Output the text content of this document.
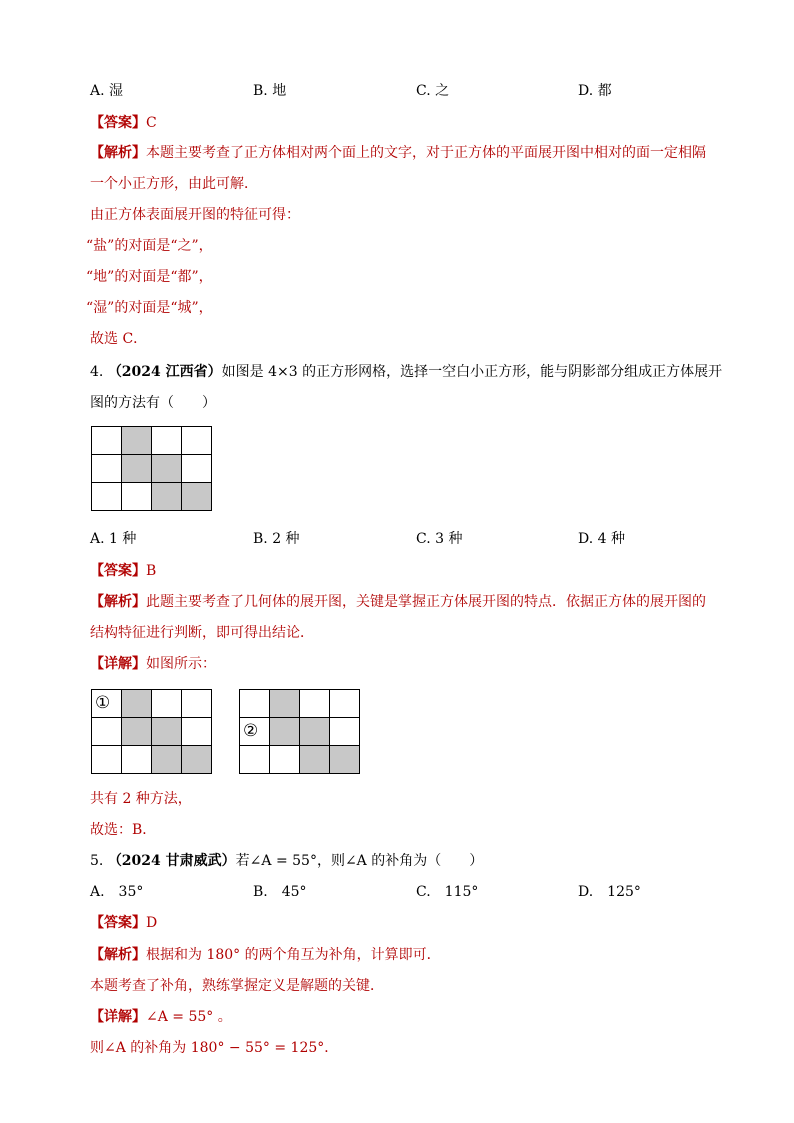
A. 湿	B. 地	C. 之	D. 都
【答案】C
【解析】本题主要考查了正方体相对两个面上的文字，对于正方体的平面展开图中相对的面一定相隔
一个小正方形，由此可解．
由正方体表面展开图的特征可得：
“盐”的对面是“之”，
“地”的对面是“都”，
“湿”的对面是“城”，
故选 C．
4. （2024 江西省）如图是 4×3 的正方形网格，选择一空白小正方形，能与阴影部分组成正方体展开
图的方法有（　　）

A. 1 种	B. 2 种	C. 3 种	D. 4 种
【答案】B
【解析】此题主要考查了几何体的展开图，关键是掌握正方体展开图的特点．依据正方体的展开图的
结构特征进行判断，即可得出结论．
【详解】如图所示：
①			

②			

共有 2 种方法，
故选：B．
5. （2024 甘肃威武）若∠A = 55°，则∠A 的补角为（　　）
A.　35°	B.　45°	C.　115°	D.　125°
【答案】D
【解析】根据和为 180° 的两个角互为补角，计算即可．
本题考查了补角，熟练掌握定义是解题的关键．
【详解】∠A = 55° 。
则∠A 的补角为 180° − 55° = 125°．
